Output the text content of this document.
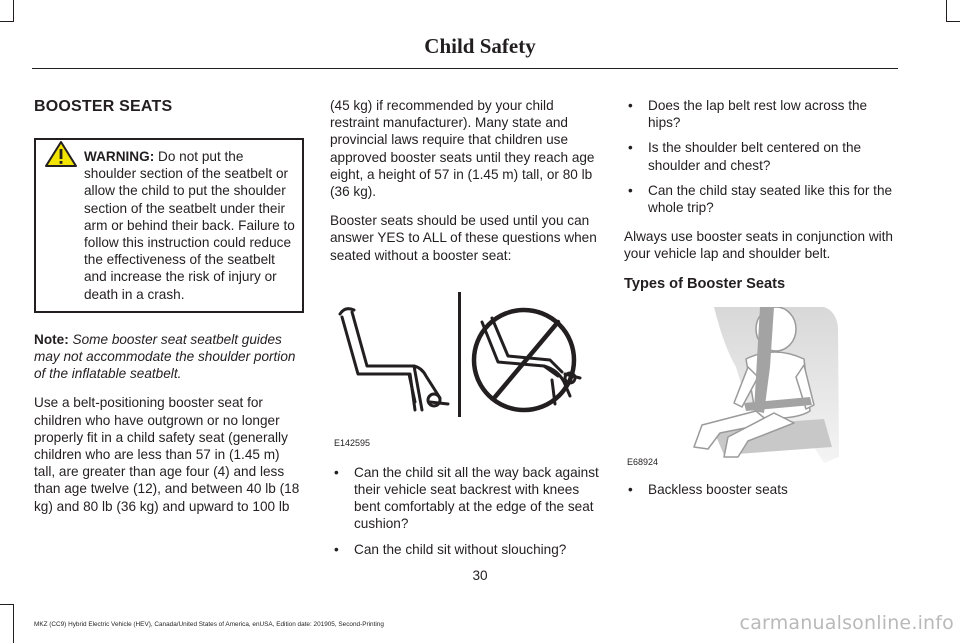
Child Safety
BOOSTER SEATS
WARNING: Do not put the shoulder section of the seatbelt or allow the child to put the shoulder section of the seatbelt under their arm or behind their back. Failure to follow this instruction could reduce the effectiveness of the seatbelt and increase the risk of injury or death in a crash.

Note: Some booster seat seatbelt guides may not accommodate the shoulder portion of the inflatable seatbelt.

Use a belt-positioning booster seat for children who have outgrown or no longer properly fit in a child safety seat (generally children who are less than 57 in (1.45 m) tall, are greater than age four (4) and less than age twelve (12), and between 40 lb (18 kg) and 80 lb (36 kg) and upward to 100 lb

(45 kg) if recommended by your child restraint manufacturer). Many state and provincial laws require that children use approved booster seats until they reach age eight, a height of 57 in (1.45 m) tall, or 80 lb (36 kg).

Booster seats should be used until you can answer YES to ALL of these questions when seated without a booster seat:

E142595
• Can the child sit all the way back against their vehicle seat backrest with knees bent comfortably at the edge of the seat cushion?
• Can the child sit without slouching?
• Does the lap belt rest low across the hips?
• Is the shoulder belt centered on the shoulder and chest?
• Can the child stay seated like this for the whole trip?

Always use booster seats in conjunction with your vehicle lap and shoulder belt.

Types of Booster Seats
E68924
• Backless booster seats
30
MKZ (CC9) Hybrid Electric Vehicle (HEV), Canada/United States of America, enUSA, Edition date: 201905, Second-Printing	carmanualsonline.info
